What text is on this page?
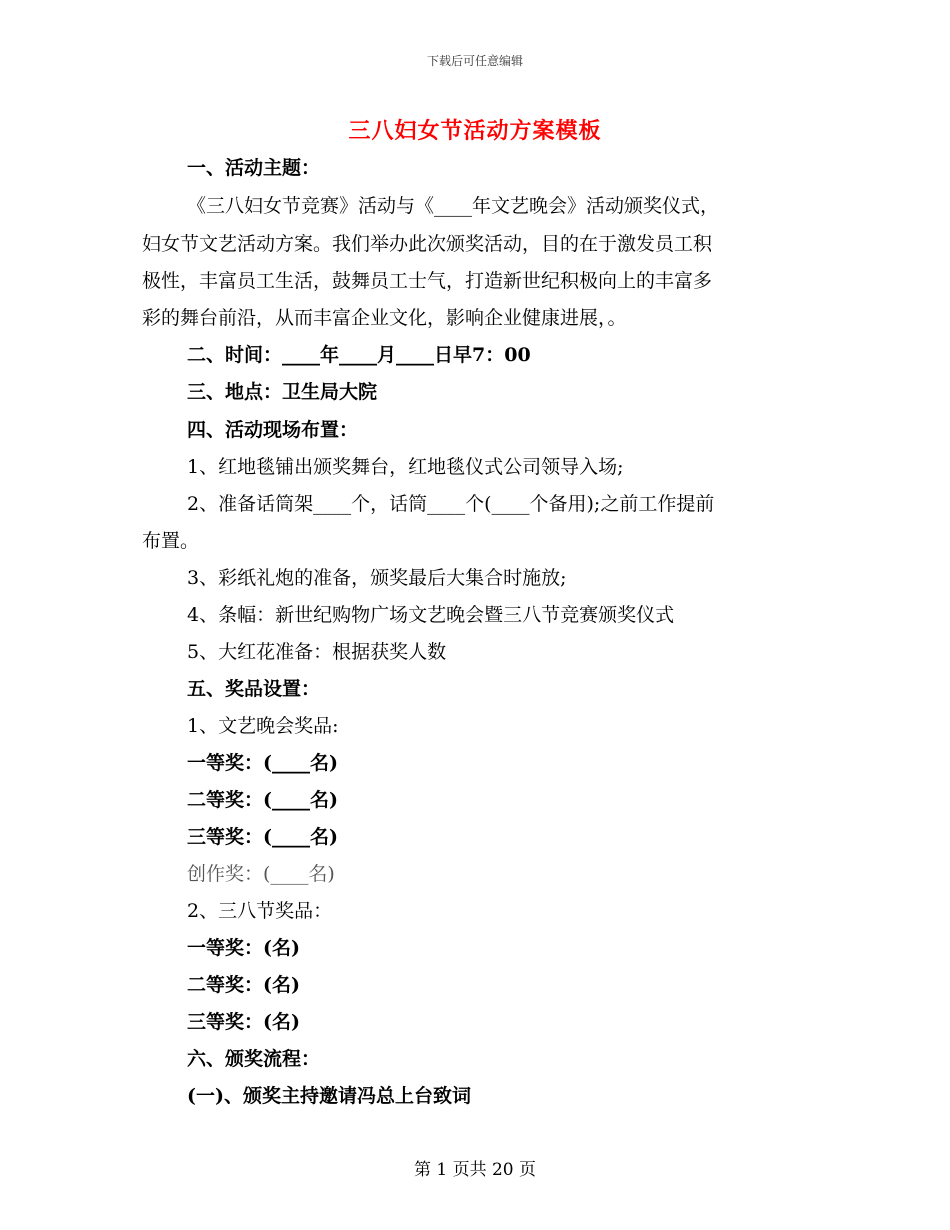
下载后可任意编辑
三八妇女节活动方案模板
一、活动主题：
《三八妇女节竞赛》活动与《____年文艺晚会》活动颁奖仪式，
妇女节文艺活动方案。我们举办此次颁奖活动，目的在于激发员工积
极性，丰富员工生活，鼓舞员工士气，打造新世纪积极向上的丰富多
彩的舞台前沿，从而丰富企业文化，影响企业健康进展，。
二、时间：____年____月____日早7：00
三、地点：卫生局大院
四、活动现场布置：
1、红地毯铺出颁奖舞台，红地毯仪式公司领导入场;
2、准备话筒架____个，话筒____个(____个备用);之前工作提前
布置。
3、彩纸礼炮的准备，颁奖最后大集合时施放;
4、条幅：新世纪购物广场文艺晚会暨三八节竞赛颁奖仪式
5、大红花准备：根据获奖人数
五、奖品设置：
1、文艺晚会奖品:
一等奖：(____名)
二等奖：(____名)
三等奖：(____名)
创作奖：(____名)
2、三八节奖品：
一等奖：(名)
二等奖：(名)
三等奖：(名)
六、颁奖流程：
(一)、颁奖主持邀请冯总上台致词
第 1 页共 20 页
